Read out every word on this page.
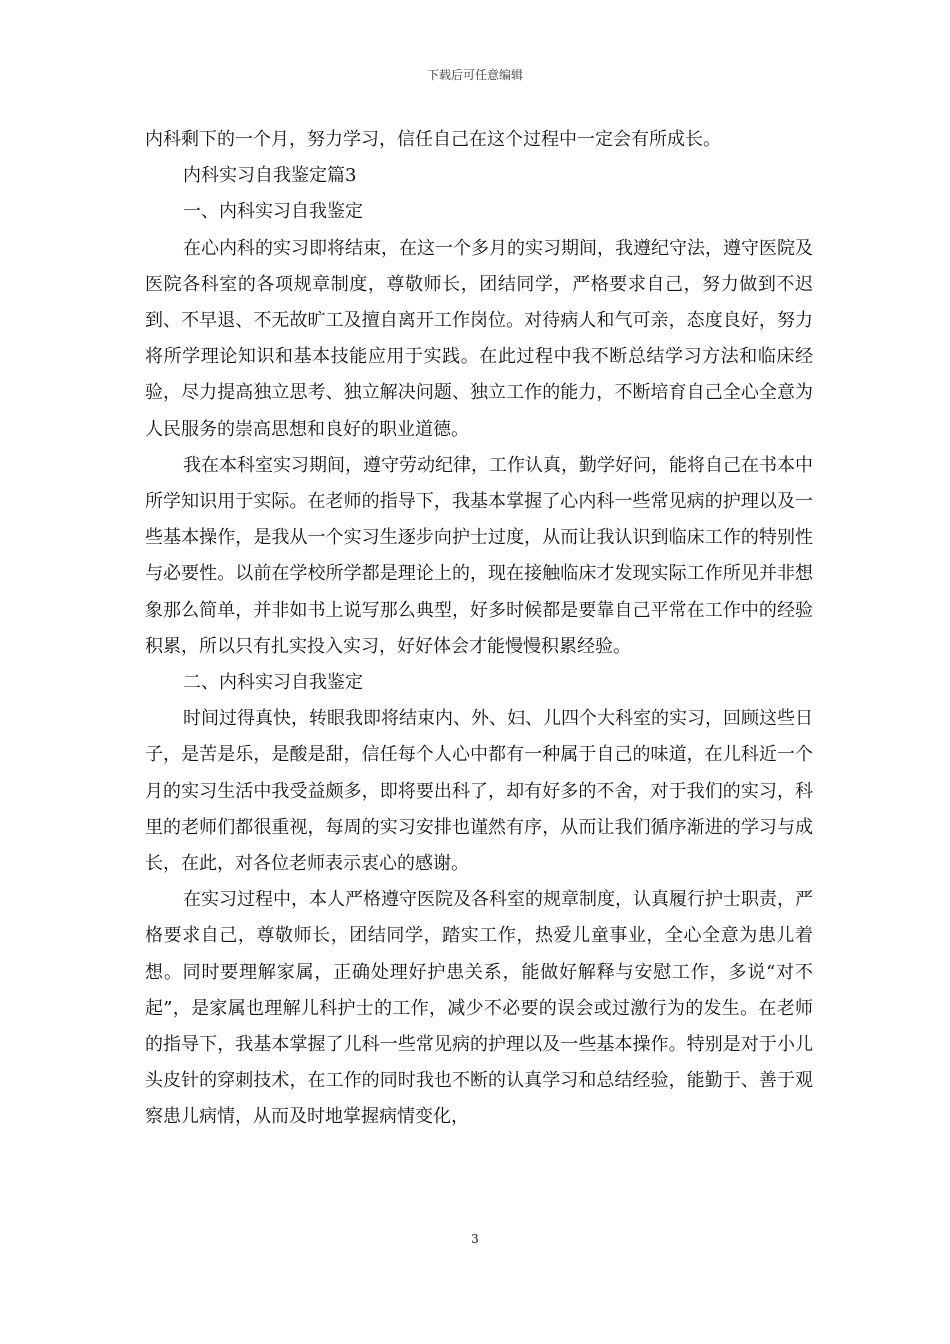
下载后可任意编辑

内科剩下的一个月，努力学习，信任自己在这个过程中一定会有所成长。

内科实习自我鉴定篇3

一、内科实习自我鉴定

在心内科的实习即将结束，在这一个多月的实习期间，我遵纪守法，遵守医院及医院各科室的各项规章制度，尊敬师长，团结同学，严格要求自己，努力做到不迟到、不早退、不无故旷工及擅自离开工作岗位。对待病人和气可亲，态度良好，努力将所学理论知识和基本技能应用于实践。在此过程中我不断总结学习方法和临床经验，尽力提高独立思考、独立解决问题、独立工作的能力，不断培育自己全心全意为人民服务的崇高思想和良好的职业道德。

我在本科室实习期间，遵守劳动纪律，工作认真，勤学好问，能将自己在书本中所学知识用于实际。在老师的指导下，我基本掌握了心内科一些常见病的护理以及一些基本操作，是我从一个实习生逐步向护士过度，从而让我认识到临床工作的特别性与必要性。以前在学校所学都是理论上的，现在接触临床才发现实际工作所见并非想象那么简单，并非如书上说写那么典型，好多时候都是要靠自己平常在工作中的经验积累，所以只有扎实投入实习，好好体会才能慢慢积累经验。

二、内科实习自我鉴定

时间过得真快，转眼我即将结束内、外、妇、儿四个大科室的实习，回顾这些日子，是苦是乐，是酸是甜，信任每个人心中都有一种属于自己的味道，在儿科近一个月的实习生活中我受益颇多，即将要出科了，却有好多的不舍，对于我们的实习，科里的老师们都很重视，每周的实习安排也谨然有序，从而让我们循序渐进的学习与成长，在此，对各位老师表示衷心的感谢。

在实习过程中，本人严格遵守医院及各科室的规章制度，认真履行护士职责，严格要求自己，尊敬师长，团结同学，踏实工作，热爱儿童事业，全心全意为患儿着想。同时要理解家属，正确处理好护患关系，能做好解释与安慰工作，多说“对不起”，是家属也理解儿科护士的工作，减少不必要的误会或过激行为的发生。在老师的指导下，我基本掌握了儿科一些常见病的护理以及一些基本操作。特别是对于小儿头皮针的穿刺技术，在工作的同时我也不断的认真学习和总结经验，能勤于、善于观察患儿病情，从而及时地掌握病情变化，

3
